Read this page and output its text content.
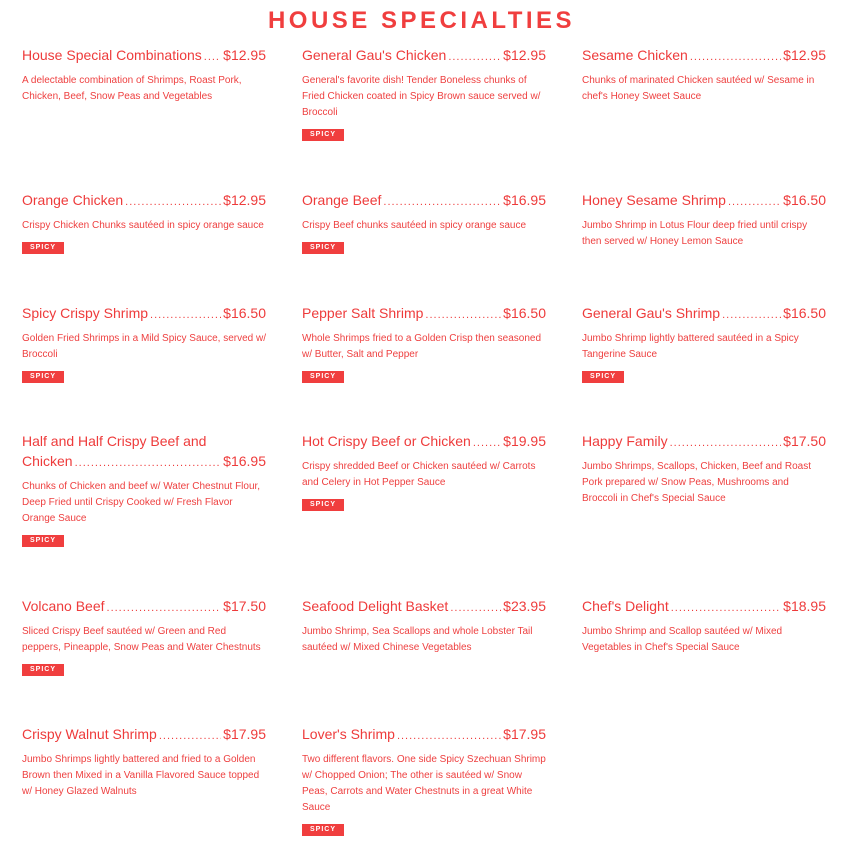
HOUSE SPECIALTIES
House Special Combinations ..... $12.95
A delectable combination of Shrimps, Roast Pork, Chicken, Beef, Snow Peas and Vegetables
General Gau's Chicken .....	$12.95
General's favorite dish! Tender Boneless chunks of Fried Chicken coated in Spicy Brown sauce served w/ Broccoli
SPICY
Sesame Chicken .....	$12.95
Chunks of marinated Chicken sautéed w/ Sesame in chef's Honey Sweet Sauce
Orange Chicken .....	$12.95
Crispy Chicken Chunks sautéed in spicy orange sauce
SPICY
Orange Beef .....	$16.95
Crispy Beef chunks sautéed in spicy orange sauce
SPICY
Honey Sesame Shrimp .....	$16.50
Jumbo Shrimp in Lotus Flour deep fried until crispy then served w/ Honey Lemon Sauce
Spicy Crispy Shrimp .....	$16.50
Golden Fried Shrimps in a Mild Spicy Sauce, served w/ Broccoli
SPICY
Pepper Salt Shrimp .....	$16.50
Whole Shrimps fried to a Golden Crisp then seasoned w/ Butter, Salt and Pepper
SPICY
General Gau's Shrimp .....	$16.50
Jumbo Shrimp lightly battered sautéed in a Spicy Tangerine Sauce
SPICY
Half and Half Crispy Beef and
Chicken .....	$16.95
Chunks of Chicken and beef w/ Water Chestnut Flour, Deep Fried until Crispy Cooked w/ Fresh Flavor Orange Sauce
SPICY
Hot Crispy Beef or Chicken ..... $19.95
Crispy shredded Beef or Chicken sautéed w/ Carrots and Celery in Hot Pepper Sauce
SPICY
Happy Family .....	$17.50
Jumbo Shrimps, Scallops, Chicken, Beef and Roast Pork prepared w/ Snow Peas, Mushrooms and Broccoli in Chef's Special Sauce
Volcano Beef .....	$17.50
Sliced Crispy Beef sautéed w/ Green and Red peppers, Pineapple, Snow Peas and Water Chestnuts
SPICY
Seafood Delight Basket .....	$23.95
Jumbo Shrimp, Sea Scallops and whole Lobster Tail sautéed w/ Mixed Chinese Vegetables
Chef's Delight .....	$18.95
Jumbo Shrimp and Scallop sautéed w/ Mixed Vegetables in Chef's Special Sauce
Crispy Walnut Shrimp .....	$17.95
Jumbo Shrimps lightly battered and fried to a Golden Brown then Mixed in a Vanilla Flavored Sauce topped w/ Honey Glazed Walnuts
Lover's Shrimp .....	$17.95
Two different flavors. One side Spicy Szechuan Shrimp w/ Chopped Onion; The other is sautéed w/ Snow Peas, Carrots and Water Chestnuts in a great White Sauce
SPICY
